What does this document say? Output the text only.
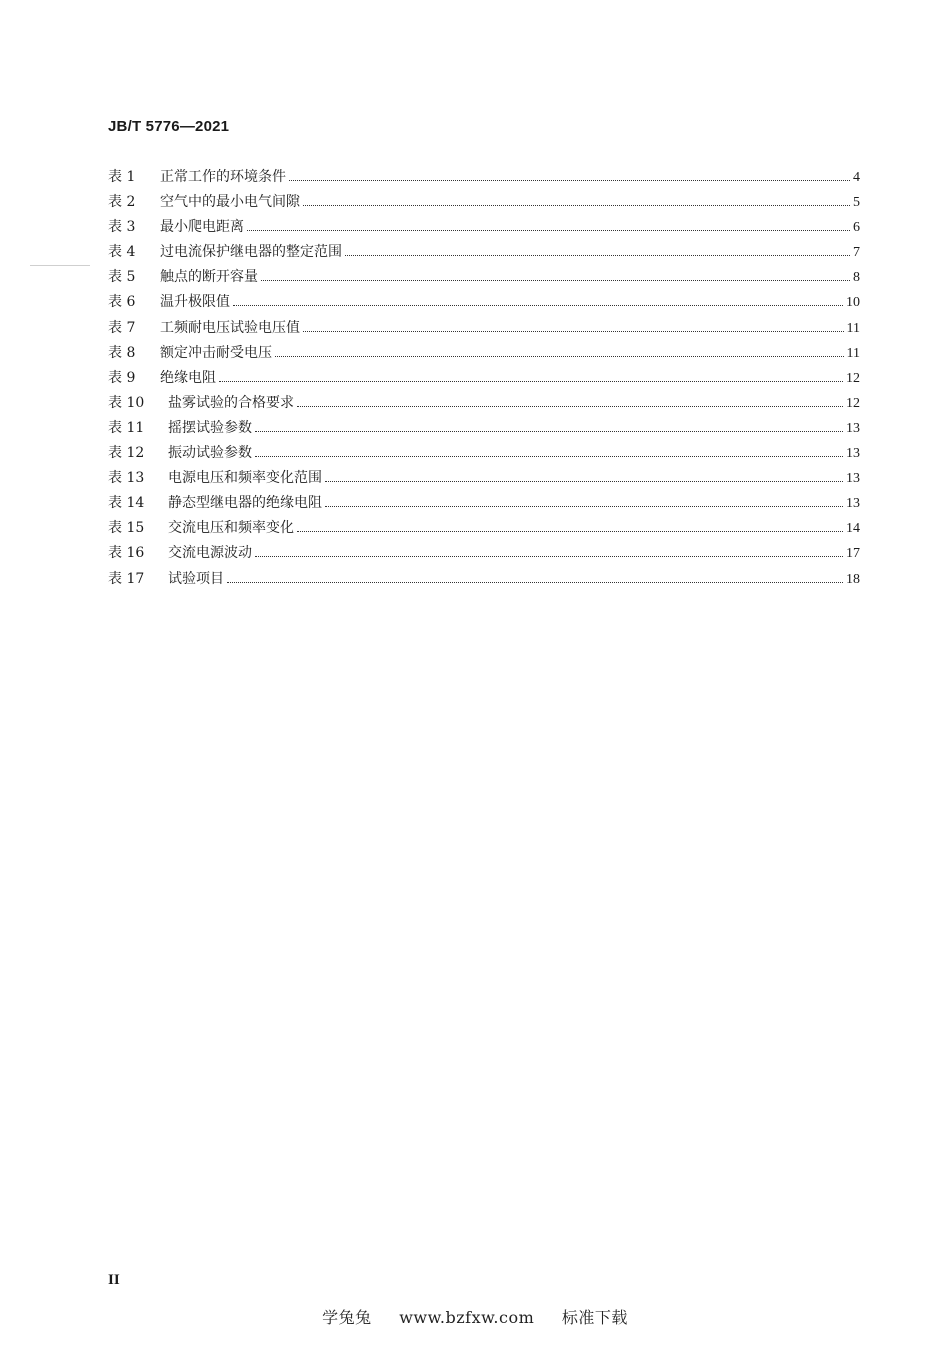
JB/T 5776—2021
表 1	正常工作的环境条件	4
表 2	空气中的最小电气间隙	5
表 3	最小爬电距离	6
表 4	过电流保护继电器的整定范围	7
表 5	触点的断开容量	8
表 6	温升极限值	10
表 7	工频耐电压试验电压值	11
表 8	额定冲击耐受电压	11
表 9	绝缘电阻	12
表 10	盐雾试验的合格要求	12
表 11	摇摆试验参数	13
表 12	振动试验参数	13
表 13	电源电压和频率变化范围	13
表 14	静态型继电器的绝缘电阻	13
表 15	交流电压和频率变化	14
表 16	交流电源波动	17
表 17	试验项目	18
II
学兔兔 www.bzfxw.com 标准下载
